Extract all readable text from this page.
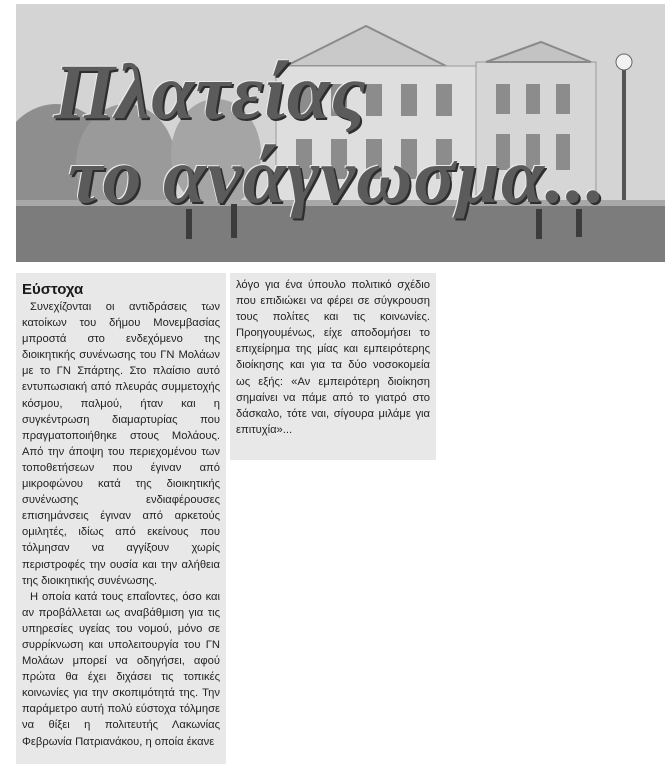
Πλατείας
το ανάγνωσμα...

Εύστοχα

Συνεχίζονται οι αντιδράσεις των κατοίκων του δήμου Μονεμβασίας μπροστά στο ενδεχόμενο της διοικητικής συνένωσης του ΓΝ Μολάων με το ΓΝ Σπάρτης. Στο πλαίσιο αυτό εντυπωσιακή από πλευράς συμμετοχής κόσμου, παλμού, ήταν και η συγκέντρωση διαμαρτυρίας που πραγματοποιήθηκε στους Μολάους. Από την άποψη του περιεχομένου των τοποθετήσεων που έγιναν από μικροφώνου κατά της διοικητικής συνένωσης ενδιαφέρουσες επισημάνσεις έγιναν από αρκετούς ομιλητές, ιδίως από εκείνους που τόλμησαν να αγγίξουν χωρίς περιστροφές την ουσία και την αλήθεια της διοικητικής συνένωσης.

Η οποία κατά τους επαΐοντες, όσο και αν προβάλλεται ως αναβάθμιση για τις υπηρεσίες υγείας του νομού, μόνο σε συρρίκνωση και υπολειτουργία του ΓΝ Μολάων μπορεί να οδηγήσει, αφού πρώτα θα έχει διχάσει τις τοπικές κοινωνίες για την σκοπιμότητά της. Την παράμετρο αυτή πολύ εύστοχα τόλμησε να θίξει η πολιτευτής Λακωνίας Φεβρωνία Πατριανάκου, η οποία έκανε

λόγο για ένα ύπουλο πολιτικό σχέδιο που επιδιώκει να φέρει σε σύγκρουση τους πολίτες και τις κοινωνίες. Προηγουμένως, είχε αποδομήσει το επιχείρημα της μίας και εμπειρότερης διοίκησης και για τα δύο νοσοκομεία ως εξής: «Αν εμπειρότερη διοίκηση σημαίνει να πάμε από το γιατρό στο δάσκαλο, τότε ναι, σίγουρα μιλάμε για επιτυχία»...
